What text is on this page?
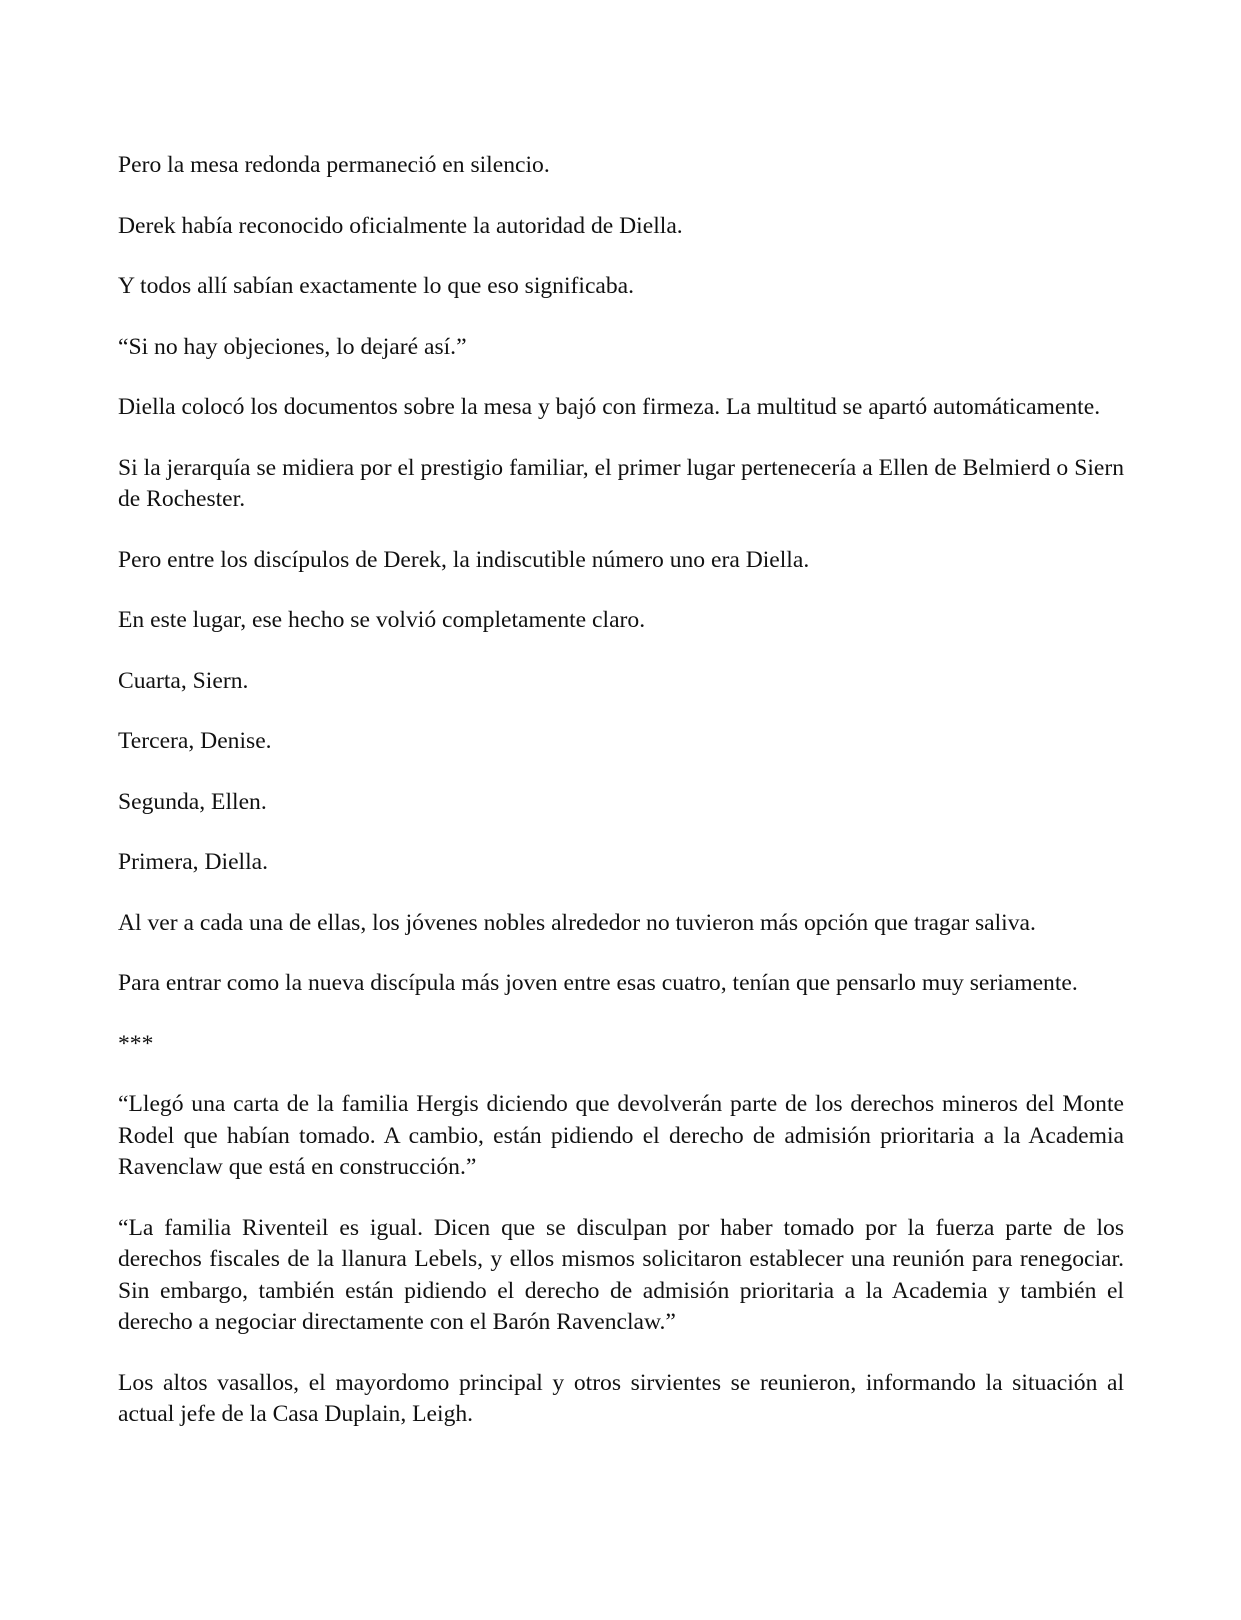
Pero la mesa redonda permaneció en silencio.

Derek había reconocido oficialmente la autoridad de Diella.

Y todos allí sabían exactamente lo que eso significaba.

“Si no hay objeciones, lo dejaré así.”

Diella colocó los documentos sobre la mesa y bajó con firmeza. La multitud se apartó automáticamente.

Si la jerarquía se midiera por el prestigio familiar, el primer lugar pertenecería a Ellen de Belmierd o Siern de Rochester.

Pero entre los discípulos de Derek, la indiscutible número uno era Diella.

En este lugar, ese hecho se volvió completamente claro.

Cuarta, Siern.

Tercera, Denise.

Segunda, Ellen.

Primera, Diella.

Al ver a cada una de ellas, los jóvenes nobles alrededor no tuvieron más opción que tragar saliva.

Para entrar como la nueva discípula más joven entre esas cuatro, tenían que pensarlo muy seriamente.

***

“Llegó una carta de la familia Hergis diciendo que devolverán parte de los derechos mineros del Monte Rodel que habían tomado. A cambio, están pidiendo el derecho de admisión prioritaria a la Academia Ravenclaw que está en construcción.”

“La familia Riventeil es igual. Dicen que se disculpan por haber tomado por la fuerza parte de los derechos fiscales de la llanura Lebels, y ellos mismos solicitaron establecer una reunión para renegociar. Sin embargo, también están pidiendo el derecho de admisión prioritaria a la Academia y también el derecho a negociar directamente con el Barón Ravenclaw.”

Los altos vasallos, el mayordomo principal y otros sirvientes se reunieron, informando la situación al actual jefe de la Casa Duplain, Leigh.
